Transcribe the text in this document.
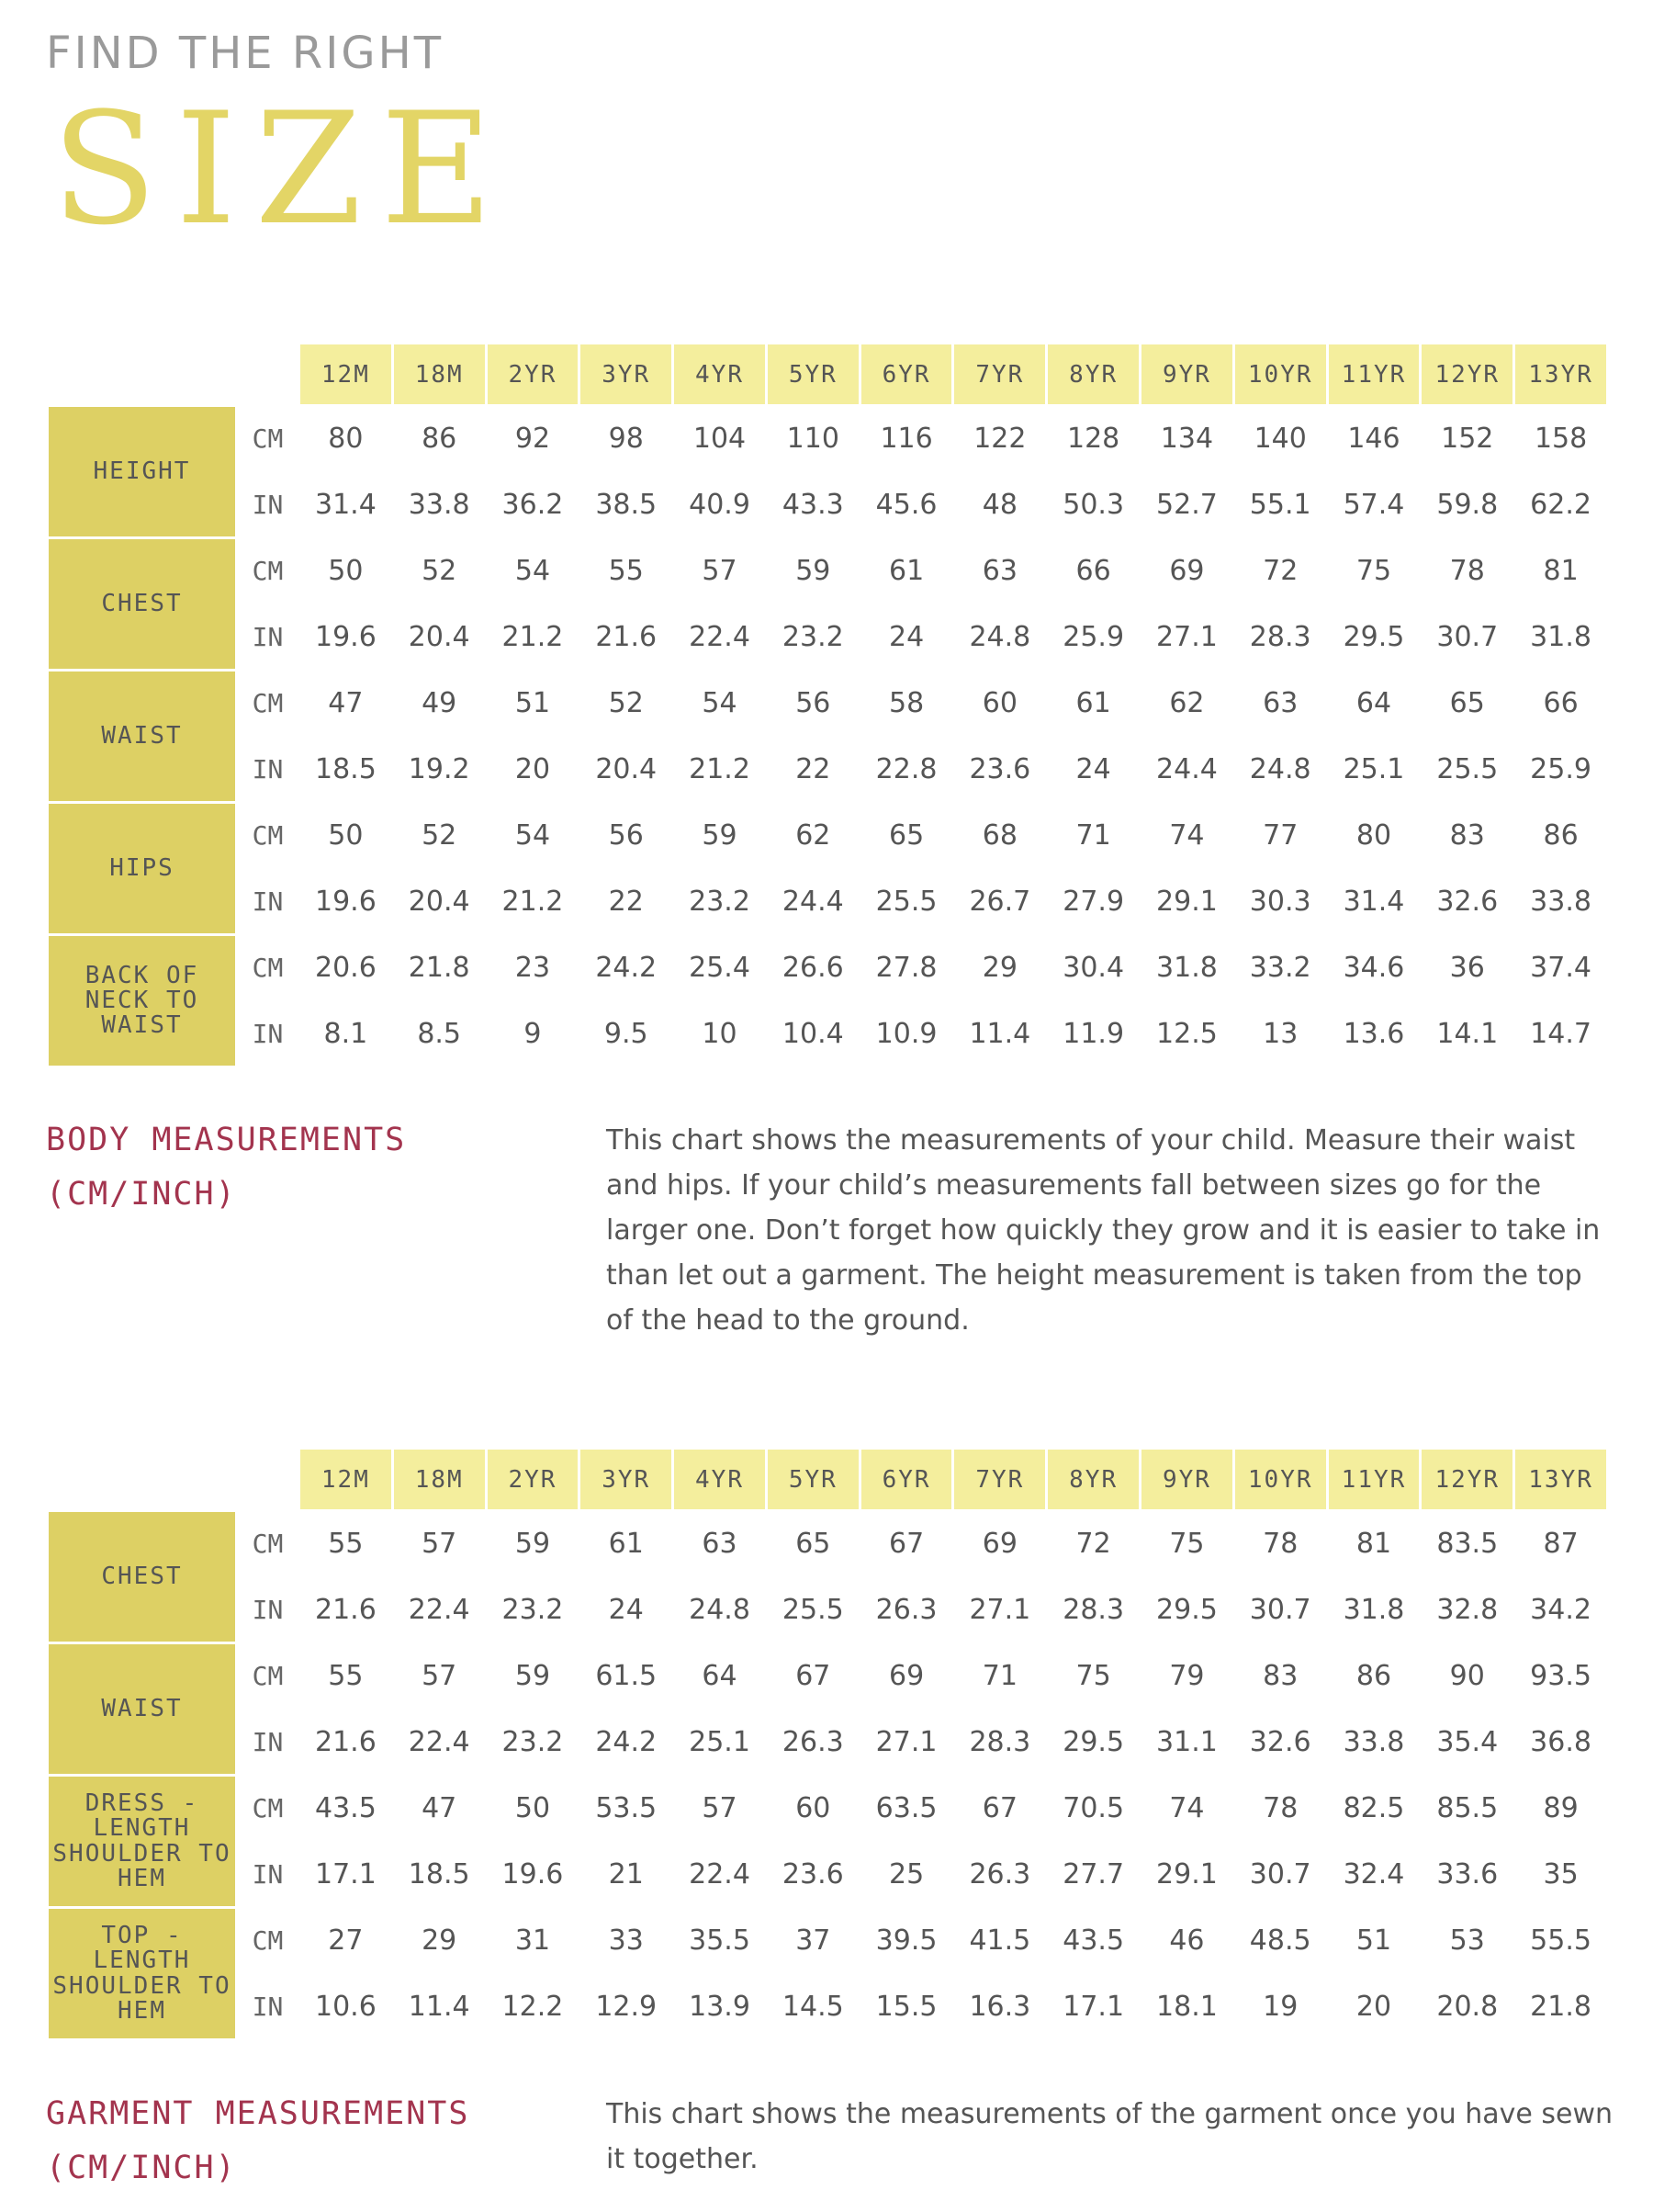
FIND THE RIGHT
SIZE
		12M	18M	2YR	3YR	4YR	5YR	6YR	7YR	8YR	9YR	10YR	11YR	12YR	13YR
HEIGHT	CM	80	86	92	98	104	110	116	122	128	134	140	146	152	158
	IN	31.4	33.8	36.2	38.5	40.9	43.3	45.6	48	50.3	52.7	55.1	57.4	59.8	62.2
CHEST	CM	50	52	54	55	57	59	61	63	66	69	72	75	78	81
	IN	19.6	20.4	21.2	21.6	22.4	23.2	24	24.8	25.9	27.1	28.3	29.5	30.7	31.8
WAIST	CM	47	49	51	52	54	56	58	60	61	62	63	64	65	66
	IN	18.5	19.2	20	20.4	21.2	22	22.8	23.6	24	24.4	24.8	25.1	25.5	25.9
HIPS	CM	50	52	54	56	59	62	65	68	71	74	77	80	83	86
	IN	19.6	20.4	21.2	22	23.2	24.4	25.5	26.7	27.9	29.1	30.3	31.4	32.6	33.8
BACK OF NECK TO WAIST	CM	20.6	21.8	23	24.2	25.4	26.6	27.8	29	30.4	31.8	33.2	34.6	36	37.4
	IN	8.1	8.5	9	9.5	10	10.4	10.9	11.4	11.9	12.5	13	13.6	14.1	14.7
BODY MEASUREMENTS
(CM/INCH)
This chart shows the measurements of your child. Measure their waist and hips. If your child’s measurements fall between sizes go for the larger one. Don’t forget how quickly they grow and it is easier to take in than let out a garment. The height measurement is taken from the top of the head to the ground.
		12M	18M	2YR	3YR	4YR	5YR	6YR	7YR	8YR	9YR	10YR	11YR	12YR	13YR
CHEST	CM	55	57	59	61	63	65	67	69	72	75	78	81	83.5	87
	IN	21.6	22.4	23.2	24	24.8	25.5	26.3	27.1	28.3	29.5	30.7	31.8	32.8	34.2
WAIST	CM	55	57	59	61.5	64	67	69	71	75	79	83	86	90	93.5
	IN	21.6	22.4	23.2	24.2	25.1	26.3	27.1	28.3	29.5	31.1	32.6	33.8	35.4	36.8
DRESS - LENGTH SHOULDER TO HEM	CM	43.5	47	50	53.5	57	60	63.5	67	70.5	74	78	82.5	85.5	89
	IN	17.1	18.5	19.6	21	22.4	23.6	25	26.3	27.7	29.1	30.7	32.4	33.6	35
TOP - LENGTH SHOULDER TO HEM	CM	27	29	31	33	35.5	37	39.5	41.5	43.5	46	48.5	51	53	55.5
	IN	10.6	11.4	12.2	12.9	13.9	14.5	15.5	16.3	17.1	18.1	19	20	20.8	21.8
GARMENT MEASUREMENTS
(CM/INCH)
This chart shows the measurements of the garment once you have sewn it together.
